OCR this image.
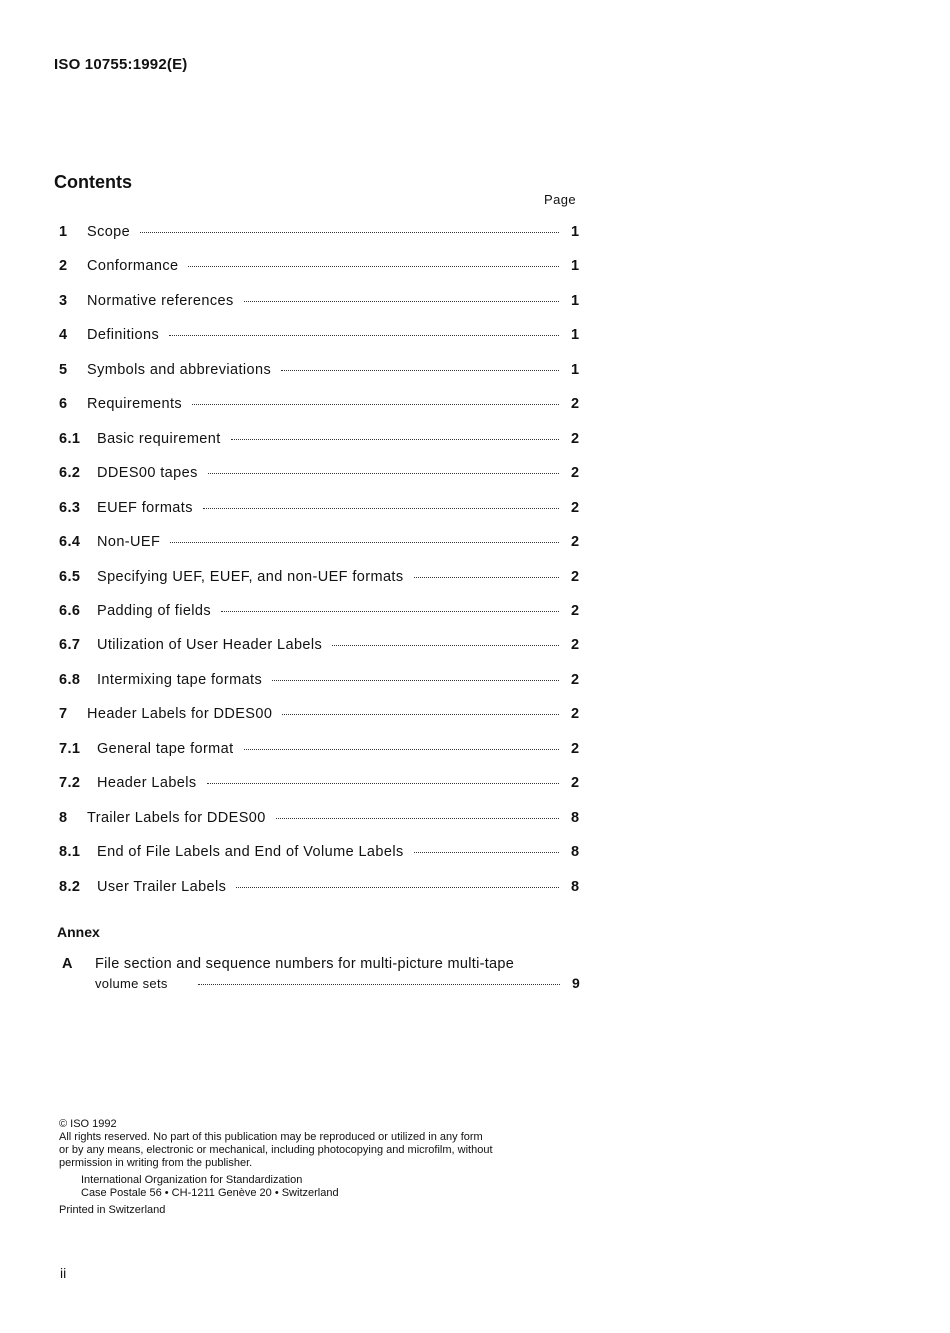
ISO 10755:1992(E)
Contents
Page
1	Scope	1
2	Conformance	1
3	Normative references	1
4	Definitions	1
5	Symbols and abbreviations	1
6	Requirements	2
6.1	Basic requirement	2
6.2	DDES00 tapes	2
6.3	EUEF formats	2
6.4	Non-UEF	2
6.5	Specifying UEF, EUEF, and non-UEF formats	2
6.6	Padding of fields	2
6.7	Utilization of User Header Labels	2
6.8	Intermixing tape formats	2
7	Header Labels for DDES00	2
7.1	General tape format	2
7.2	Header Labels	2
8	Trailer Labels for DDES00	8
8.1	End of File Labels and End of Volume Labels	8
8.2	User Trailer Labels	8
Annex
A File section and sequence numbers for multi-picture multi-tape
volume sets	9
© ISO 1992
All rights reserved. No part of this publication may be reproduced or utilized in any form
or by any means, electronic or mechanical, including photocopying and microfilm, without
permission in writing from the publisher.
International Organization for Standardization
Case Postale 56 • CH-1211 Genève 20 • Switzerland
Printed in Switzerland
ii
